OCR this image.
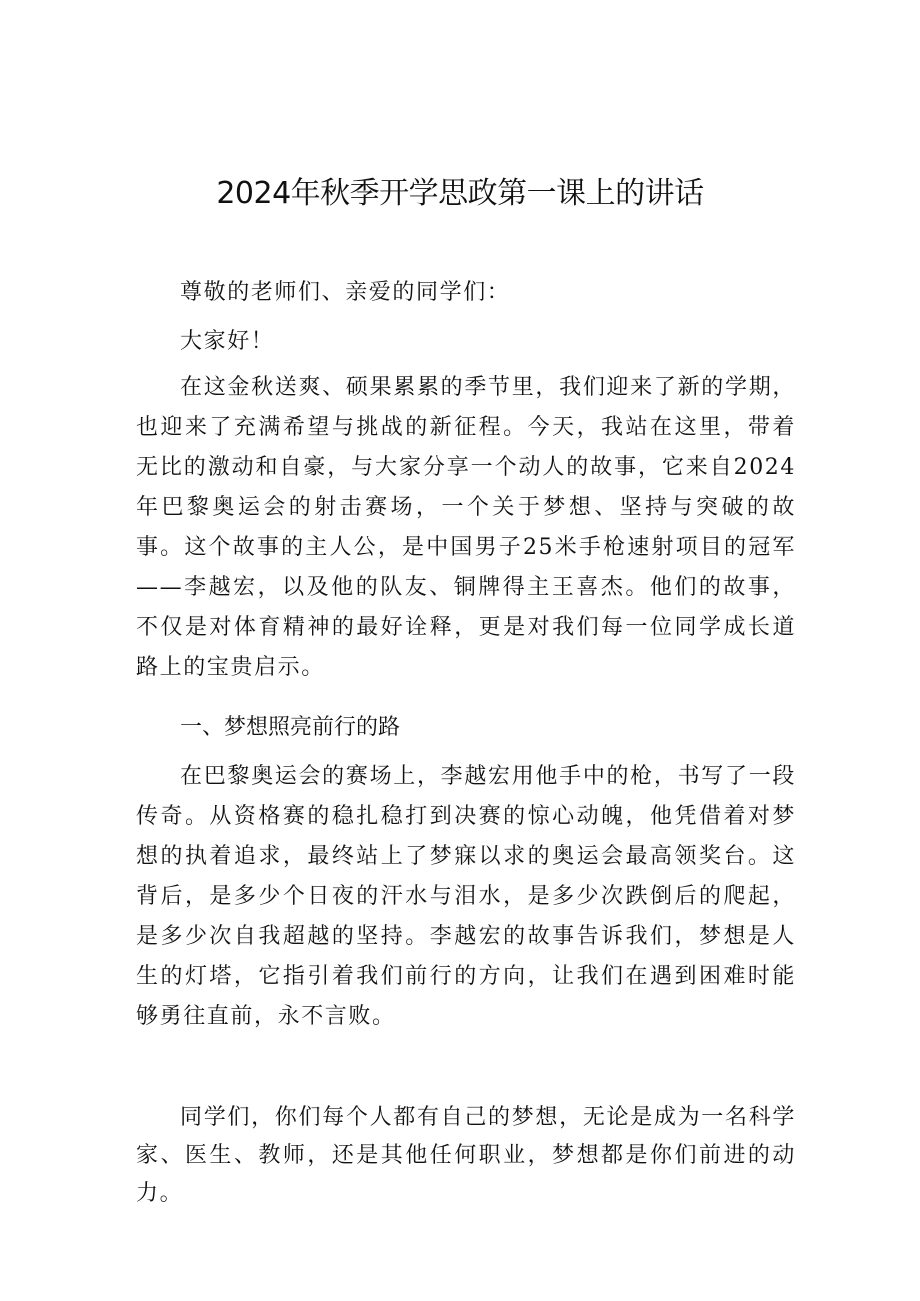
2024年秋季开学思政第一课上的讲话

尊敬的老师们、亲爱的同学们：

大家好！

在这金秋送爽、硕果累累的季节里，我们迎来了新的学期，也迎来了充满希望与挑战的新征程。今天，我站在这里，带着无比的激动和自豪，与大家分享一个动人的故事，它来自2024年巴黎奥运会的射击赛场，一个关于梦想、坚持与突破的故事。这个故事的主人公，是中国男子25米手枪速射项目的冠军——李越宏，以及他的队友、铜牌得主王喜杰。他们的故事，不仅是对体育精神的最好诠释，更是对我们每一位同学成长道路上的宝贵启示。

一、梦想照亮前行的路

在巴黎奥运会的赛场上，李越宏用他手中的枪，书写了一段传奇。从资格赛的稳扎稳打到决赛的惊心动魄，他凭借着对梦想的执着追求，最终站上了梦寐以求的奥运会最高领奖台。这背后，是多少个日夜的汗水与泪水，是多少次跌倒后的爬起，是多少次自我超越的坚持。李越宏的故事告诉我们，梦想是人生的灯塔，它指引着我们前行的方向，让我们在遇到困难时能够勇往直前，永不言败。

同学们，你们每个人都有自己的梦想，无论是成为一名科学家、医生、教师，还是其他任何职业，梦想都是你们前进的动力。
